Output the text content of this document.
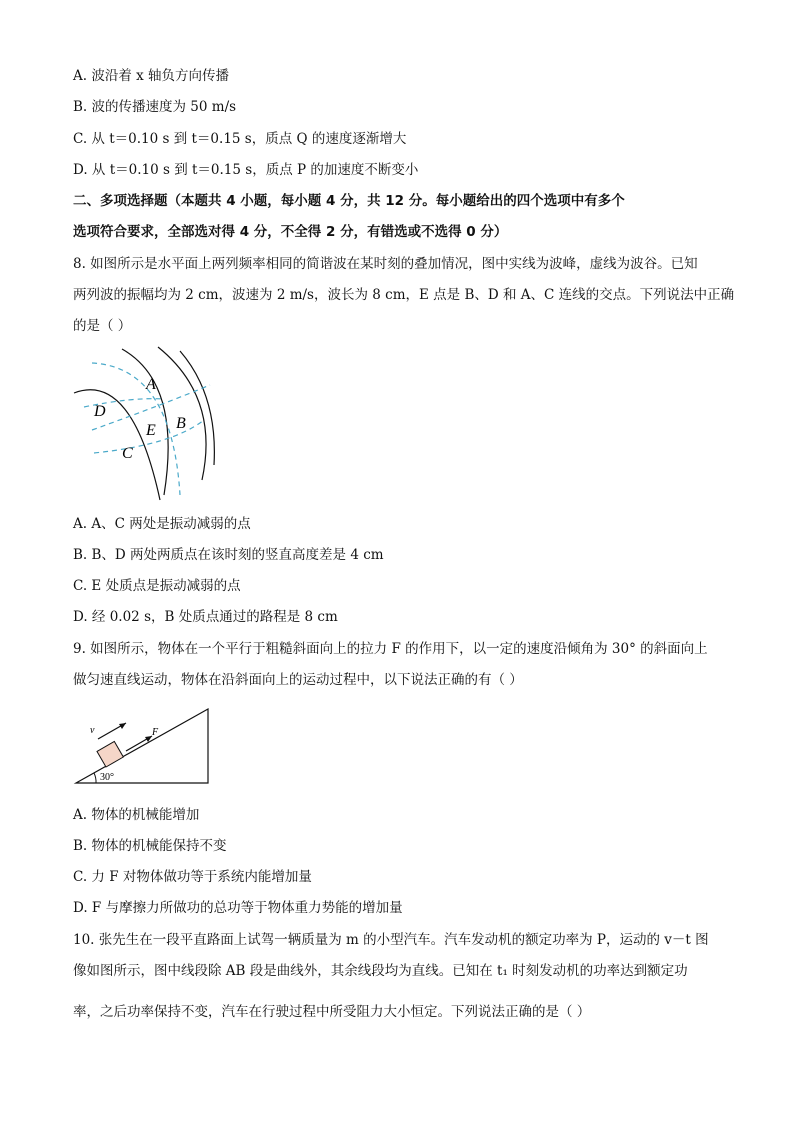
A. 波沿着 x 轴负方向传播
B. 波的传播速度为 50 m/s
C. 从 t＝0.10 s 到 t＝0.15 s，质点 Q 的速度逐渐增大
D. 从 t＝0.10 s 到 t＝0.15 s，质点 P 的加速度不断变小
二、多项选择题（本题共 4 小题，每小题 4 分，共 12 分。每小题给出的四个选项中有多个
选项符合要求，全部选对得 4 分，不全得 2 分，有错选或不选得 0 分）
8. 如图所示是水平面上两列频率相同的简谐波在某时刻的叠加情况，图中实线为波峰，虚线为波谷。已知
两列波的振幅均为 2 cm，波速为 2 m/s，波长为 8 cm，E 点是 B、D 和 A、C 连线的交点。下列说法中正确
的是（ ）
A
D
B
E
C
A. A、C 两处是振动减弱的点
B. B、D 两处两质点在该时刻的竖直高度差是 4 cm
C. E 处质点是振动减弱的点
D. 经 0.02 s，B 处质点通过的路程是 8 cm
9. 如图所示，物体在一个平行于粗糙斜面向上的拉力 F 的作用下，以一定的速度沿倾角为 30° 的斜面向上
做匀速直线运动，物体在沿斜面向上的运动过程中，以下说法正确的有（ ）
30°
v	F
A. 物体的机械能增加
B. 物体的机械能保持不变
C. 力 F 对物体做功等于系统内能增加量
D. F 与摩擦力所做功的总功等于物体重力势能的增加量
10. 张先生在一段平直路面上试驾一辆质量为 m 的小型汽车。汽车发动机的额定功率为 P，运动的 v－t 图
像如图所示，图中线段除 AB 段是曲线外，其余线段均为直线。已知在 t₁ 时刻发动机的功率达到额定功
率，之后功率保持不变，汽车在行驶过程中所受阻力大小恒定。下列说法正确的是（ ）
